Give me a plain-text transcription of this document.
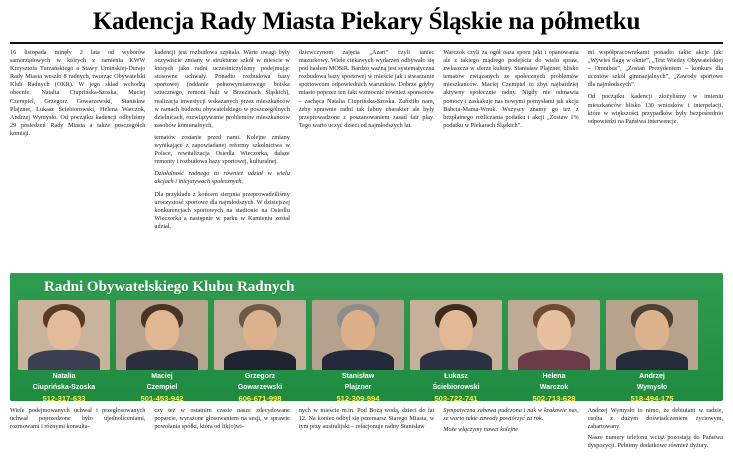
Kadencja Rady Miasta Piekary Śląskie na półmetku

16 listopada minęły 2 lata od wyborów samorządowych w których z ramienia KWW Krzysztofa Turzańskiego a Stawy Umińskiej-Durajo Rady Miasta weszło 8 radnych, tworząc Obywatelski Klub Radnych (OKR). W jego skład wchodzą obecnie: Natalia Ciuprińska-Szoska, Maciej Czempiel, Grzegorz Gowarzewski, Stanisław Plajzner, Łukasz Ściebiorowski, Helena Warczok, Andrzej Wymysło. Od początku kadencji odbyliśmy 29 posiedzeń Rady Miasta a także posczegółch komisji.

kadencji jest rozbudowa szpitala. Warte uwagi były oczywiście zmiany w strukturze szkół w mieście w których jako radni uczestniczyliśmy podejmując stosowne uchwały. Ponadto rozbudowa bazy sportowej (oddanie pełnowymiarowego boiska sztucznego, remont hali w Brzezinach Śląskich), realizacja inwestycji wskazanych przez mieszkańców w ramach budżetu obywatelskiego w poszczególnych dzielnicach, rozwiązywanie problemów mieszkańców zasobów komunalnych,

tematów zostanie przed nami. Kolejne zmiany wynikające z zapowiadanej reformy szkolnictwa w Polsce, rewitalizacja Osiedla Wieczorka, dalsze remonty i rozbudowa bazy sportowej, kulturalnej.

Działalność radnego to również udział w wielu akcjach i inicjatywach społecznych.

Dla przykładu z końcem sierpnia przeprowadziliśmy uroczystość sportowe dla najmłodszych. W dzisiejszej konkurencjach sportowych na stadionie na Osiedlu Wieczorka a następnie w parku w Kamieniu został udział.

dziewczynom zajęcia „Azari” czyli taniec mazurkowy. Wiele ciekawych wydarzeń odbywało się pod hasłem MOSiR. Bardzo ważną jest systematyczna rozbudowa bazy sportowej w mieście jak i stwarzanie sportowcom odpowiednich warunków. Dobrze gdyby miasto poprzez ten fakt wzmocnić również sponsorów – zachęca Natalia Ciuprińska-Szoska. Założiło nam, żeby sprawnie radni tak lubny charakter ale były przeprowadzone z poszanowaniem zasad fair play. Tego warto uczyć dzieci od najmłodszych lat.

Warczok czyli za ogół oaza sporu jaki i opanowania ale z takiego mądrego podejścia do wielu spraw, zwłaszcza w sferze kultury. Stanisław Plajzner, blisko tematów związanych ze społecznych problemów mieszkańców. Maciej Czempiel to zbyt najbardziej aktywny społecznie radny. Nigdy nie odmawia pomocy i zaskakuje nas nowymi pomysłami jak akcja Babcia-Mama-Wnuk. Wszyscy znamy go też z bezpłatnego rozliczania podatku i akcji „Zostaw 1% podatku w Piekarach Śląskich”.

mi współpracownikami ponadto takie akcje jak: „Wywieś flagę w oknie”, „Test Wiedzy Obywatelskiej – Omnibus”, „Zostań Prezydentem – konkurs dla uczniów szkół gimnazjalnych”, „Zawody sportowe dla najmłodszych”.

Od początku kadencji złożyliśmy w imieniu mieszkańców blisko 130 wniosków i interpelacji, które w większości przypadków były bezpośrednio odpowiedzi na Państwa interwencje.

Radni Obywatelskiego Klubu Radnych
Natalia
Ciuprińska-Szoska
512-317-633
Maciej
Czempiel
501-453-942
Grzegorz
Gowarzewski
606-671-998
Stanisław
Plajzner
512-309-594
Łukasz
Ściebiorowski
503-722-741
Helena
Warczok
502-713-628
Andrzej
Wymysło
518-494-175

Wiele podejmowanych uchwał i przegłosowanych uchwał poprzedzone było ujednoliceniami, rozmowami i różnymi konsulta-

czy też w ostatnim czasie nasze zdecydowane poparcie, wyrażone głosowaniem na sesji, w sprawie powołania spółki, która od lik(o)wi-

nych w mieście m.in. Pod Bożą wodą, dzieci do lat 12. Na koniec odbył się przemarsz Starego Miasta, w tym przy australijski – relacjonuje radny Stanisław

Sympatyczna zabawa pudczona i nuk w krakowie nas, ze warto takie zawody powtórzyć za rok.

Może włączymy nawet kolejne

Andrzej Wymysło to nimo, że debiutant w radzie, osoba z dużym doświadczeniem życiowym, zahartowany

Nasze numery telefonu wciąż pozostają do Państwa dyspozycji. Pełnimy dodatkowe również dyżury.
